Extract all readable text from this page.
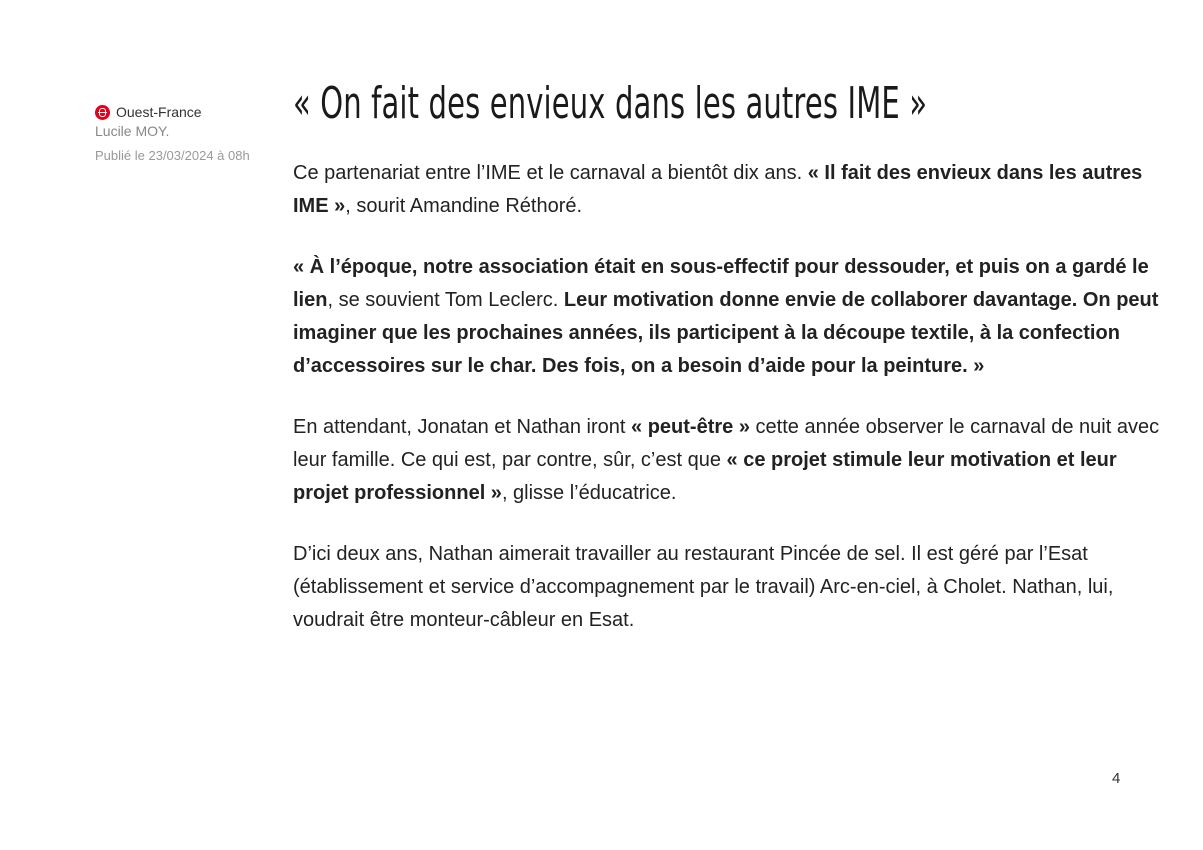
Ouest-France
Lucile MOY.
Publié le 23/03/2024 à 08h
« On fait des envieux dans les autres IME »

Ce partenariat entre l’IME et le carnaval a bientôt dix ans. « Il fait des envieux dans les autres IME », sourit Amandine Réthoré.

« À l’époque, notre association était en sous-effectif pour dessouder, et puis on a gardé le lien, se souvient Tom Leclerc. Leur motivation donne envie de collaborer davantage. On peut imaginer que les prochaines années, ils participent à la découpe textile, à la confection d’accessoires sur le char. Des fois, on a besoin d’aide pour la peinture. »

En attendant, Jonatan et Nathan iront « peut-être » cette année observer le carnaval de nuit avec leur famille. Ce qui est, par contre, sûr, c’est que « ce projet stimule leur motivation et leur projet professionnel », glisse l’éducatrice.

D’ici deux ans, Nathan aimerait travailler au restaurant Pincée de sel. Il est géré par l’Esat (établissement et service d’accompagnement par le travail) Arc-en-ciel, à Cholet. Nathan, lui, voudrait être monteur-câbleur en Esat.

4
